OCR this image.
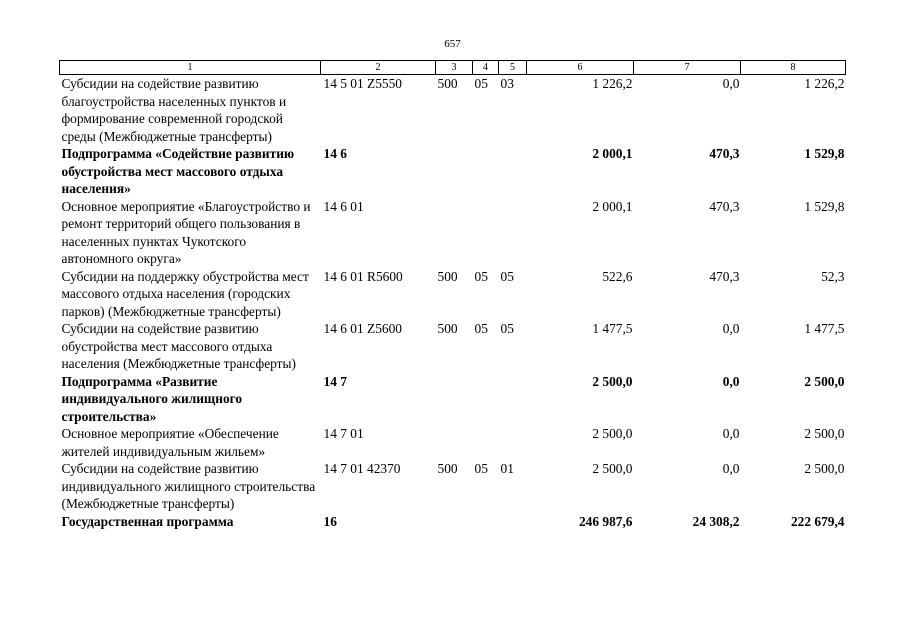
657
1	2	3	4	5	6	7	8
Субсидии на содействие развитию благоустройства населенных пунктов и формирование современной городской среды (Межбюджетные трансферты)	14 5 01 Z5550	500	05	03	1 226,2	0,0	1 226,2
Подпрограмма «Содействие развитию обустройства мест массового отдыха населения»	14 6				2 000,1	470,3	1 529,8
Основное мероприятие «Благоустройство и ремонт территорий общего пользования в населенных пунктах Чукотского автономного округа»	14 6 01				2 000,1	470,3	1 529,8
Субсидии на поддержку обустройства мест массового отдыха населения (городских парков) (Межбюджетные трансферты)	14 6 01 R5600	500	05	05	522,6	470,3	52,3
Субсидии на содействие развитию обустройства мест массового отдыха населения (Межбюджетные трансферты)	14 6 01 Z5600	500	05	05	1 477,5	0,0	1 477,5
Подпрограмма «Развитие индивидуального жилищного строительства»	14 7				2 500,0	0,0	2 500,0
Основное мероприятие «Обеспечение жителей индивидуальным жильем»	14 7 01				2 500,0	0,0	2 500,0
Субсидии на содействие развитию индивидуального жилищного строительства (Межбюджетные трансферты)	14 7 01 42370	500	05	01	2 500,0	0,0	2 500,0
Государственная программа	16				246 987,6	24 308,2	222 679,4
